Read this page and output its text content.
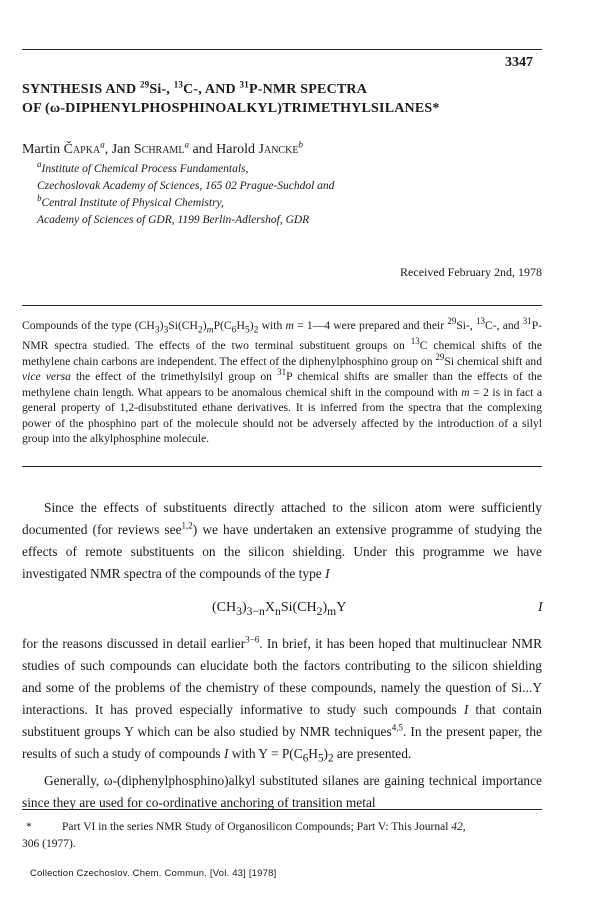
3347
SYNTHESIS AND $^{29}$Si-, $^{13}$C-, AND $^{31}$P-NMR SPECTRA
OF (ω-DIPHENYLPHOSPHINOALKYL)TRIMETHYLSILANES*
Martin Čapka$^a$, Jan Schraml$^a$ and Harold Jancke$^b$
$^a$Institute of Chemical Process Fundamentals,
Czechoslovak Academy of Sciences, 165 02 Prague-Suchdol and
$^b$Central Institute of Physical Chemistry,
Academy of Sciences of GDR, 1199 Berlin-Adlershof, GDR
Received February 2nd, 1978

Compounds of the type $(CH_3)_3Si(CH_2)_mP(C_6H_5)_2$ with m = 1—4 were prepared and their $^{29}$Si-, $^{13}$C-, and $^{31}$P-NMR spectra studied. The effects of the two terminal substituent groups on $^{13}$C chemical shifts of the methylene chain carbons are independent. The effect of the diphenylphosphino group on $^{29}$Si chemical shift and vice versa the effect of the trimethylsilyl group on $^{31}$P chemical shifts are smaller than the effects of the methylene chain length. What appears to be anomalous chemical shift in the compound with m = 2 is in fact a general property of 1,2-disubstituted ethane derivatives. It is inferred from the spectra that the complexing power of the phosphino part of the molecule should not be adversely affected by the introduction of a silyl group into the alkylphosphine molecule.

Since the effects of substituents directly attached to the silicon atom were sufficiently documented (for reviews see$^{1,2}$) we have undertaken an extensive programme of studying the effects of remote substituents on the silicon shielding. Under this programme we have investigated NMR spectra of the compounds of the type I

$(CH_3)_{3-n}X_nSi(CH_2)_mY$	I

for the reasons discussed in detail earlier$^{3-6}$. In brief, it has been hoped that multinuclear NMR studies of such compounds can elucidate both the factors contributing to the silicon shielding and some of the problems of the chemistry of these compounds, namely the question of Si...Y interactions. It has proved especially informative to study such compounds I that contain substituent groups Y which can be also studied by NMR techniques$^{4,5}$. In the present paper, the results of such a study of compounds I with $Y = P(C_6H_5)_2$ are presented.

Generally, ω-(diphenylphosphino)alkyl substituted silanes are gaining technical importance since they are used for co-ordinative anchoring of transition metal

*	Part VI in the series NMR Study of Organosilicon Compounds; Part V: This Journal 42,
306 (1977).
Collection Czechoslov. Chem. Commun. [Vol. 43] [1978]
